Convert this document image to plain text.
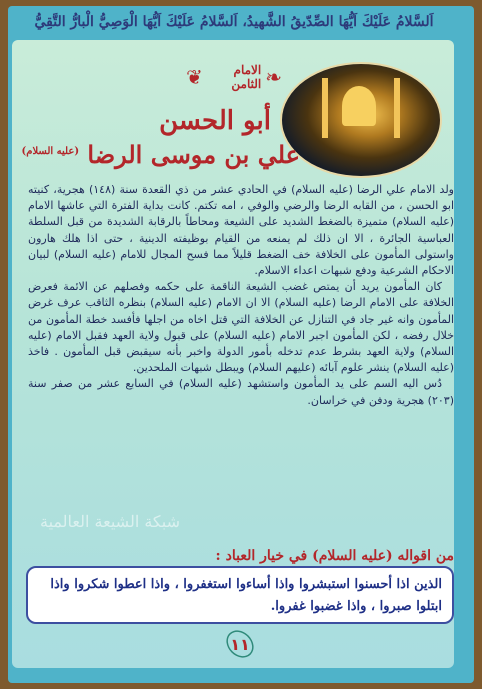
اَلسَّلامُ عَلَيْكَ اَيُّهَا الصِّدّيقُ الشَّهيدُ، اَلسَّلامُ عَلَيْكَ اَيُّهَا الْوَصِيُّ الْبارُّ التَّقِيُّ
❦	الامام الثامن ❧
أبو الحسن
علي بن موسى الرضا $^{(عليه السلام)}$

ولد الامام علي الرضا (عليه السلام) في الحادي عشر من ذي القعدة سنة (١٤٨) هجرية، كنيته ابو الحسن ، من القابه الرضا والرضي والوفي ، امه تكتم. كانت بداية الفترة التي عاشها الامام (عليه السلام) متميزة بالضغط الشديد على الشيعة ومحاطاً بالرقابة الشديدة من قبل السلطة العباسية الجائرة ، الا ان ذلك لم يمنعه من القيام بوظيفته الدينية ، حتى اذا هلك هارون واستولى المأمون على الخلافة خف الضغط قليلاً مما فسح المجال للامام (عليه السلام) لبيان الاحكام الشرعية ودفع شبهات اعداء الاسلام.

كان المأمون يريد أن يمتص غضب الشيعة الناقمة على حكمه وفصلهم عن الائمة فعرض الخلافة على الامام الرضا (عليه السلام) الا ان الامام (عليه السلام) بنظره الثاقب عرف غرض المأمون وانه غير جاد في التنازل عن الخلافة التي قتل اخاه من اجلها فأفسد خطة المأمون من خلال رفضه ، لكن المأمون اجبر الامام (عليه السلام) على قبول ولاية العهد فقبل الامام (عليه السلام) ولاية العهد بشرط عدم تدخله بأمور الدولة واخبر بأنه سيقبض قبل المأمون . فاخذ (عليه السلام) ينشر علوم آبائه (عليهم السلام) ويبطل شبهات الملحدين.

دُس اليه السم على يد المأمون واستشهد (عليه السلام) في السابع عشر من صفر سنة (٢٠٣) هجرية ودفن في خراسان.

شبكة الشيعة العالمية
من اقواله (عليه السلام) في خيار العباد :
الذين اذا أحسنوا استبشروا واذا أساءوا استغفروا ، واذا اعطوا شكروا واذا ابتلوا صبروا ، واذا غضبوا غفروا.
١١
